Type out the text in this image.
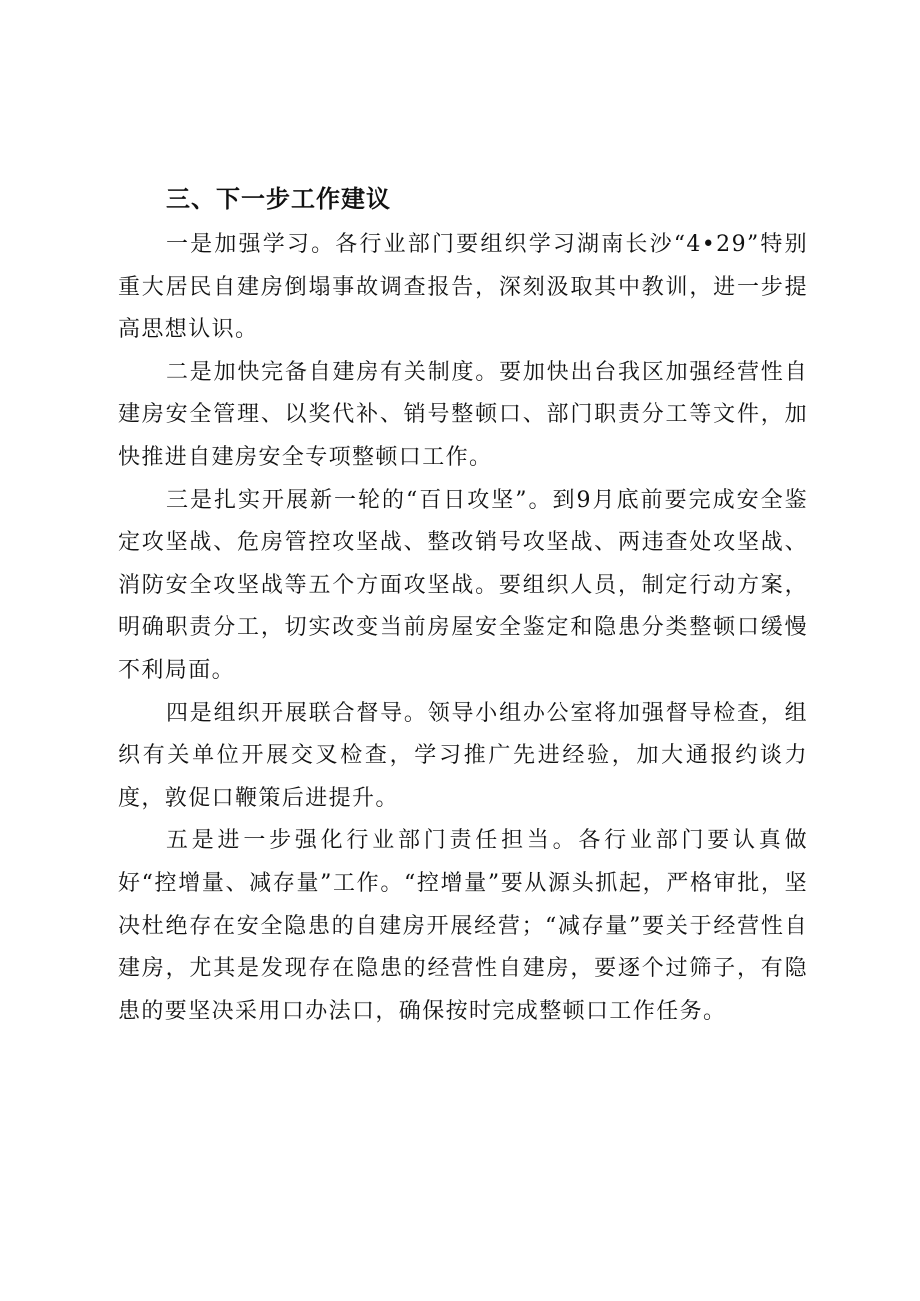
三、下一步工作建议

一是加强学习。各行业部门要组织学习湖南长沙“4•29”特别重大居民自建房倒塌事故调查报告，深刻汲取其中教训，进一步提高思想认识。

二是加快完备自建房有关制度。要加快出台我区加强经营性自建房安全管理、以奖代补、销号整顿口、部门职责分工等文件，加快推进自建房安全专项整顿口工作。

三是扎实开展新一轮的“百日攻坚”。到9月底前要完成安全鉴定攻坚战、危房管控攻坚战、整改销号攻坚战、两违查处攻坚战、消防安全攻坚战等五个方面攻坚战。要组织人员，制定行动方案，明确职责分工，切实改变当前房屋安全鉴定和隐患分类整顿口缓慢不利局面。

四是组织开展联合督导。领导小组办公室将加强督导检查，组织有关单位开展交叉检查，学习推广先进经验，加大通报约谈力度，敦促口鞭策后进提升。

五是进一步强化行业部门责任担当。各行业部门要认真做好“控增量、减存量”工作。“控增量”要从源头抓起，严格审批，坚决杜绝存在安全隐患的自建房开展经营；“减存量”要关于经营性自建房，尤其是发现存在隐患的经营性自建房，要逐个过筛子，有隐患的要坚决采用口办法口，确保按时完成整顿口工作任务。
